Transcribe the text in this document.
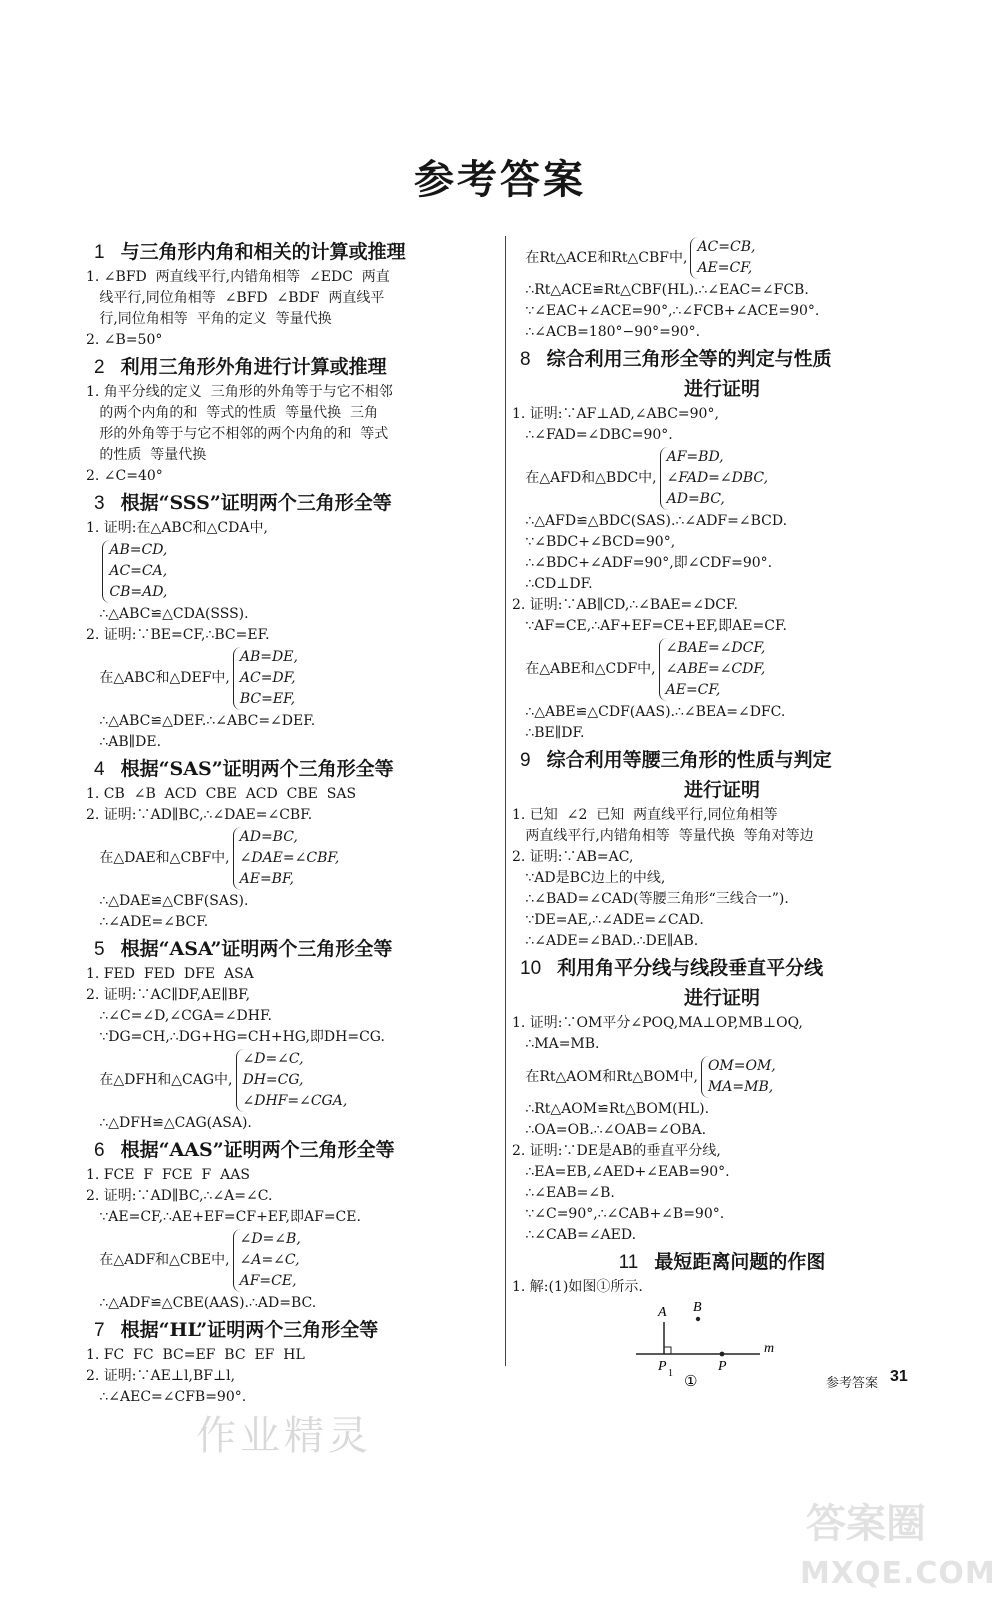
参考答案
1 与三角形内角和相关的计算或推理
1. ∠BFD  两直线平行,内错角相等  ∠EDC  两直
线平行,同位角相等  ∠BFD  ∠BDF  两直线平
行,同位角相等  平角的定义  等量代换
2. ∠B=50°
2 利用三角形外角进行计算或推理
1. 角平分线的定义  三角形的外角等于与它不相邻
的两个内角的和  等式的性质  等量代换  三角
形的外角等于与它不相邻的两个内角的和  等式
的性质  等量代换
2. ∠C=40°
3 根据“SSS”证明两个三角形全等
1. 证明:在△ABC和△CDA中,

AB=CD,
AC=CA,
CB=AD,
∴△ABC≌△CDA(SSS).
2. 证明:∵BE=CF,∴BC=EF.
在△ABC和△DEF中,
AB=DE,
AC=DF,
BC=EF,
∴△ABC≌△DEF.∴∠ABC=∠DEF.
∴AB∥DE.
4 根据“SAS”证明两个三角形全等
1. CB  ∠B  ACD  CBE  ACD  CBE  SAS
2. 证明:∵AD∥BC,∴∠DAE=∠CBF.
在△DAE和△CBF中,
AD=BC,
∠DAE=∠CBF,
AE=BF,
∴△DAE≌△CBF(SAS).
∴∠ADE=∠BCF.
5 根据“ASA”证明两个三角形全等
1. FED  FED  DFE  ASA
2. 证明:∵AC∥DF,AE∥BF,
∴∠C=∠D,∠CGA=∠DHF.
∵DG=CH,∴DG+HG=CH+HG,即DH=CG.
在△DFH和△CAG中,
∠D=∠C,
DH=CG,
∠DHF=∠CGA,
∴△DFH≌△CAG(ASA).
6 根据“AAS”证明两个三角形全等
1. FCE  F  FCE  F  AAS
2. 证明:∵AD∥BC,∴∠A=∠C.
∵AE=CF,∴AE+EF=CF+EF,即AF=CE.
在△ADF和△CBE中,
∠D=∠B,
∠A=∠C,
AF=CE,
∴△ADF≌△CBE(AAS).∴AD=BC.
7 根据“HL”证明两个三角形全等
1. FC  FC  BC=EF  BC  EF  HL
2. 证明:∵AE⊥l,BF⊥l,
∴∠AEC=∠CFB=90°.
在Rt△ACE和Rt△CBF中,
AC=CB,
AE=CF,
∴Rt△ACE≌Rt△CBF(HL).∴∠EAC=∠FCB.
∵∠EAC+∠ACE=90°,∴∠FCB+∠ACE=90°.
∴∠ACB=180°−90°=90°.
8 综合利用三角形全等的判定与性质
进行证明
1. 证明:∵AF⊥AD,∠ABC=90°,
∴∠FAD=∠DBC=90°.
在△AFD和△BDC中,
AF=BD,
∠FAD=∠DBC,
AD=BC,
∴△AFD≌△BDC(SAS).∴∠ADF=∠BCD.
∵∠BDC+∠BCD=90°,
∴∠BDC+∠ADF=90°,即∠CDF=90°.
∴CD⊥DF.
2. 证明:∵AB∥CD,∴∠BAE=∠DCF.
∵AF=CE,∴AF+EF=CE+EF,即AE=CF.
在△ABE和△CDF中,
∠BAE=∠DCF,
∠ABE=∠CDF,
AE=CF,
∴△ABE≌△CDF(AAS).∴∠BEA=∠DFC.
∴BE∥DF.
9 综合利用等腰三角形的性质与判定
进行证明
1. 已知  ∠2  已知  两直线平行,同位角相等
两直线平行,内错角相等  等量代换  等角对等边
2. 证明:∵AB=AC,
∵AD是BC边上的中线,
∴∠BAD=∠CAD(等腰三角形“三线合一”).
∵DE=AE,∴∠ADE=∠CAD.
∴∠ADE=∠BAD.∴DE∥AB.
10 利用角平分线与线段垂直平分线
进行证明
1. 证明:∵OM平分∠POQ,MA⊥OP,MB⊥OQ,
∴MA=MB.
在Rt△AOM和Rt△BOM中,
OM=OM,
MA=MB,
∴Rt△AOM≌Rt△BOM(HL).
∴OA=OB.∴∠OAB=∠OBA.
2. 证明:∵DE是AB的垂直平分线,
∴EA=EB,∠AED+∠EAB=90°.
∴∠EAB=∠B.
∵∠C=90°,∴∠CAB+∠B=90°.
∴∠CAB=∠AED.
11 最短距离问题的作图
1. 解:(1)如图①所示.
A B
P 1	P
m
①	参考答案 31
作业精灵
答案圈
MXQE.COM
